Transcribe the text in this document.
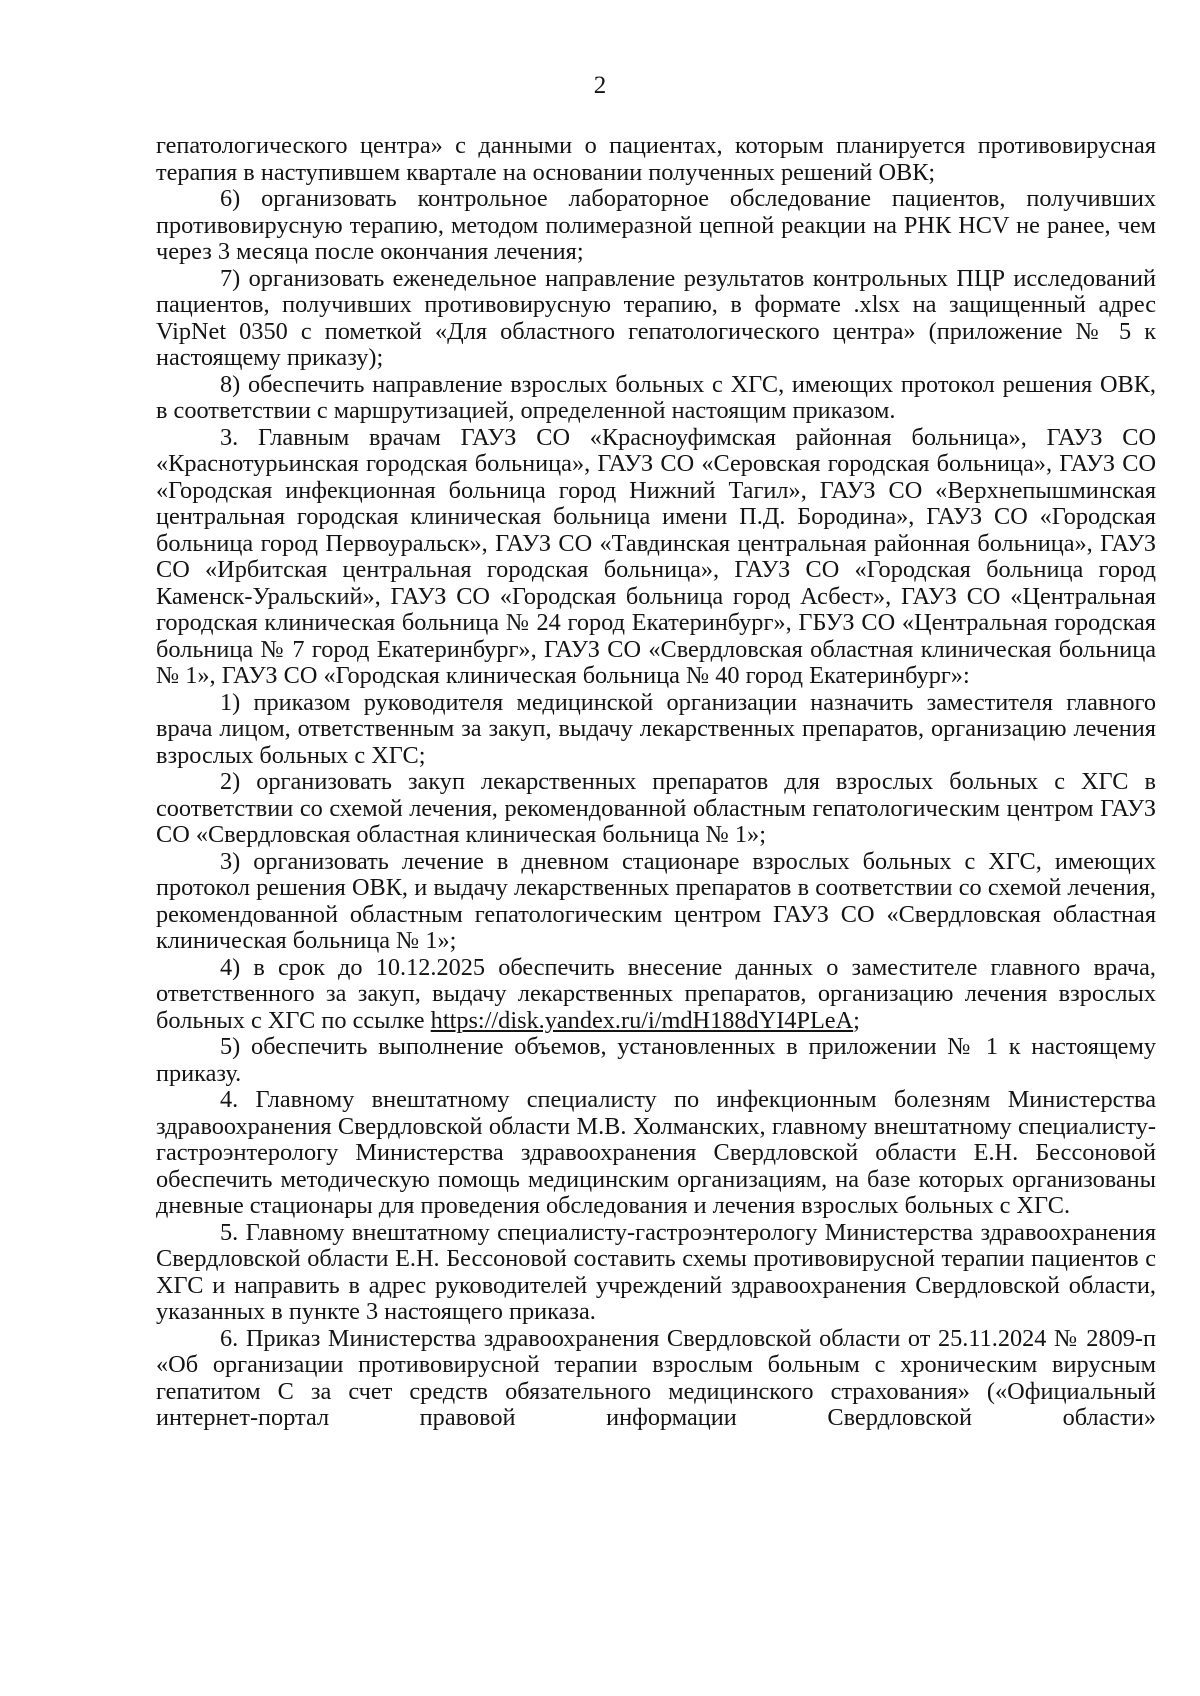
2

гепатологического центра» с данными о пациентах, которым планируется противовирусная терапия в наступившем квартале на основании полученных решений ОВК;

6) организовать контрольное лабораторное обследование пациентов, получивших противовирусную терапию, методом полимеразной цепной реакции на РНК HCV не ранее, чем через 3 месяца после окончания лечения;

7) организовать еженедельное направление результатов контрольных ПЦР исследований пациентов, получивших противовирусную терапию, в формате .xlsx на защищенный адрес VipNet 0350 с пометкой «Для областного гепатологического центра» (приложение № 5 к настоящему приказу);

8) обеспечить направление взрослых больных с ХГС, имеющих протокол решения ОВК, в соответствии с маршрутизацией, определенной настоящим приказом.

3. Главным врачам ГАУЗ СО «Красноуфимская районная больница», ГАУЗ СО «Краснотурьинская городская больница», ГАУЗ СО «Серовская городская больница», ГАУЗ СО «Городская инфекционная больница город Нижний Тагил», ГАУЗ СО «Верхнепышминская центральная городская клиническая больница имени П.Д. Бородина», ГАУЗ СО «Городская больница город Первоуральск», ГАУЗ СО «Тавдинская центральная районная больница», ГАУЗ СО «Ирбитская центральная городская больница», ГАУЗ СО «Городская больница город Каменск-Уральский», ГАУЗ СО «Городская больница город Асбест», ГАУЗ СО «Центральная городская клиническая больница № 24 город Екатеринбург», ГБУЗ СО «Центральная городская больница № 7 город Екатеринбург», ГАУЗ СО «Свердловская областная клиническая больница № 1», ГАУЗ СО «Городская клиническая больница № 40 город Екатеринбург»:

1) приказом руководителя медицинской организации назначить заместителя главного врача лицом, ответственным за закуп, выдачу лекарственных препаратов, организацию лечения взрослых больных с ХГС;

2) организовать закуп лекарственных препаратов для взрослых больных с ХГС в соответствии со схемой лечения, рекомендованной областным гепатологическим центром ГАУЗ СО «Свердловская областная клиническая больница № 1»;

3) организовать лечение в дневном стационаре взрослых больных с ХГС, имеющих протокол решения ОВК, и выдачу лекарственных препаратов в соответствии со схемой лечения, рекомендованной областным гепатологическим центром ГАУЗ СО «Свердловская областная клиническая больница № 1»;

4) в срок до 10.12.2025 обеспечить внесение данных о заместителе главного врача, ответственного за закуп, выдачу лекарственных препаратов, организацию лечения взрослых больных с ХГС по ссылке https://disk.yandex.ru/i/mdH188dYI4PLeA;

5) обеспечить выполнение объемов, установленных в приложении № 1 к настоящему приказу.

4. Главному внештатному специалисту по инфекционным болезням Министерства здравоохранения Свердловской области М.В. Холманских, главному внештатному специалисту-гастроэнтерологу Министерства здравоохранения Свердловской области Е.Н. Бессоновой обеспечить методическую помощь медицинским организациям, на базе которых организованы дневные стационары для проведения обследования и лечения взрослых больных с ХГС.

5. Главному внештатному специалисту-гастроэнтерологу Министерства здравоохранения Свердловской области Е.Н. Бессоновой составить схемы противовирусной терапии пациентов с ХГС и направить в адрес руководителей учреждений здравоохранения Свердловской области, указанных в пункте 3 настоящего приказа.

6. Приказ Министерства здравоохранения Свердловской области от 25.11.2024 № 2809-п «Об организации противовирусной терапии взрослым больным с хроническим вирусным гепатитом С за счет средств обязательного медицинского страхования» («Официальный интернет-портал правовой информации Свердловской области»
